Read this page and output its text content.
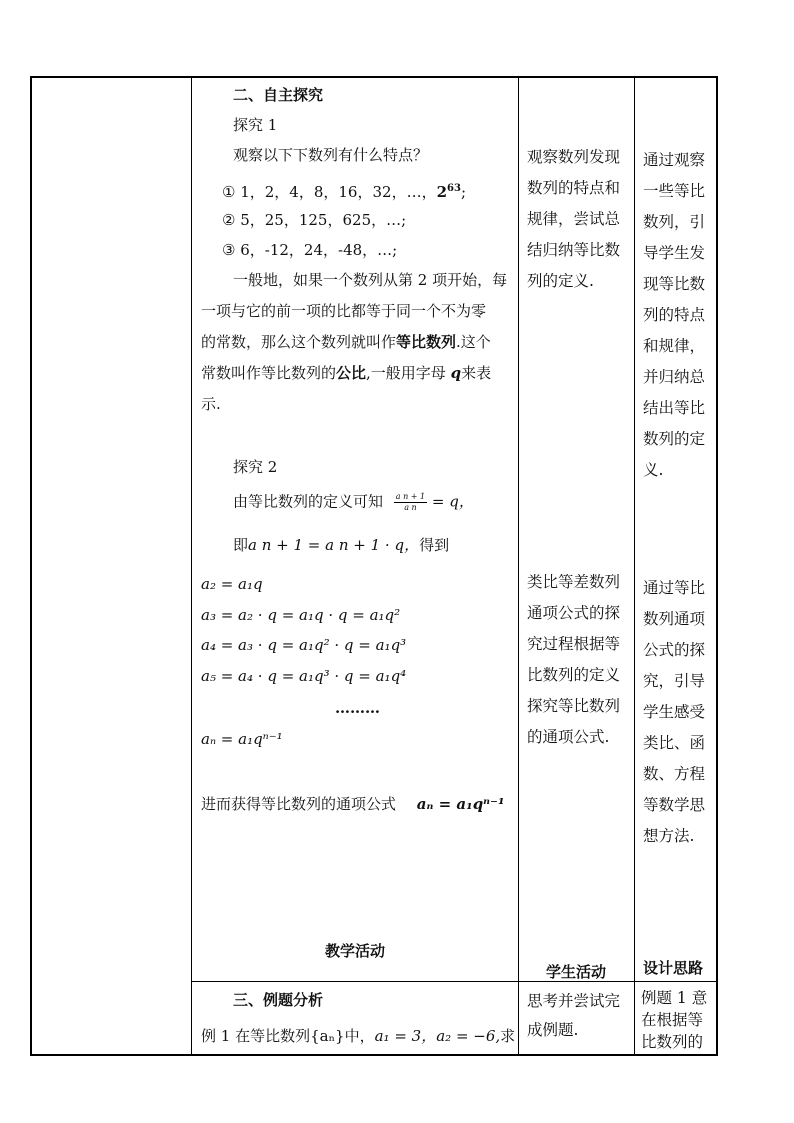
二、自主探究
探究 1
观察以下下数列有什么特点？
① 1，2，4，8，16，32，…，$2^{63}$;
② 5，25，125，625，…;
③ 6，-12，24，-48，…;
一般地，如果一个数列从第 2 项开始，每
一项与它的前一项的比都等于同一个不为零
的常数，那么这个数列就叫作等比数列.这个
常数叫作等比数列的公比,一般用字母 q来表
示.
探究 2
由等比数列的定义可知 $\frac{\text{a n + 1}}{\text{a n}} = q$，
即a n + 1 = a n + 1 · q，得到
a₂ = a₁q
a₃ = a₂ · q = a₁q · q = a₁q²
a₄ = a₃ · q = a₁q² · q = a₁q³
a₅ = a₄ · q = a₁q³ · q = a₁q⁴
………
aₙ = a₁qⁿ⁻¹
进而获得等比数列的通项公式 aₙ = a₁qⁿ⁻¹
教学活动
三、例题分析
例 1 在等比数列{aₙ}中，a₁ = 3，a₂ = −6,求
观察数列发现
数列的特点和
规律，尝试总
结归纳等比数
列的定义.
类比等差数列
通项公式的探
究过程根据等
比数列的定义
探究等比数列
的通项公式.
学生活动
思考并尝试完
成例题.
通过观察
一些等比
数列，引
导学生发
现等比数
列的特点
和规律，
并归纳总
结出等比
数列的定
义.
通过等比
数列通项
公式的探
究，引导
学生感受
类比、函
数、方程
等数学思
想方法.
设计思路
例题 1 意
在根据等
比数列的
